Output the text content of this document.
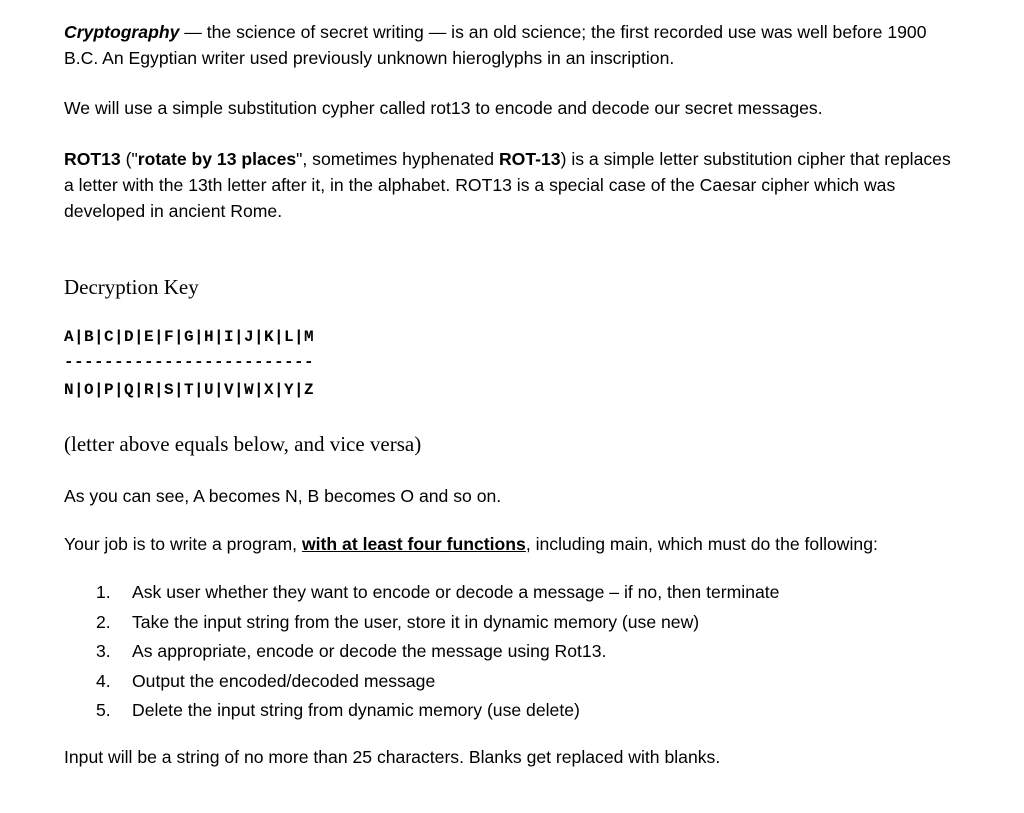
Cryptography — the science of secret writing — is an old science; the first recorded use was well before 1900 B.C. An Egyptian writer used previously unknown hieroglyphs in an inscription.

We will use a simple substitution cypher called rot13 to encode and decode our secret messages.

ROT13 ("rotate by 13 places", sometimes hyphenated ROT-13) is a simple letter substitution cipher that replaces a letter with the 13th letter after it, in the alphabet. ROT13 is a special case of the Caesar cipher which was developed in ancient Rome.

Decryption Key

A|B|C|D|E|F|G|H|I|J|K|L|M

-------------------------

N|O|P|Q|R|S|T|U|V|W|X|Y|Z

(letter above equals below, and vice versa)

As you can see, A becomes N, B becomes O and so on.

Your job is to write a program, with at least four functions, including main, which must do the following:

1.	Ask user whether they want to encode or decode a message – if no, then terminate
2.	Take the input string from the user, store it in dynamic memory (use new)
3.	As appropriate, encode or decode the message using Rot13.
4.	Output the encoded/decoded message
5.	Delete the input string from dynamic memory (use delete)

Input will be a string of no more than 25 characters. Blanks get replaced with blanks.
